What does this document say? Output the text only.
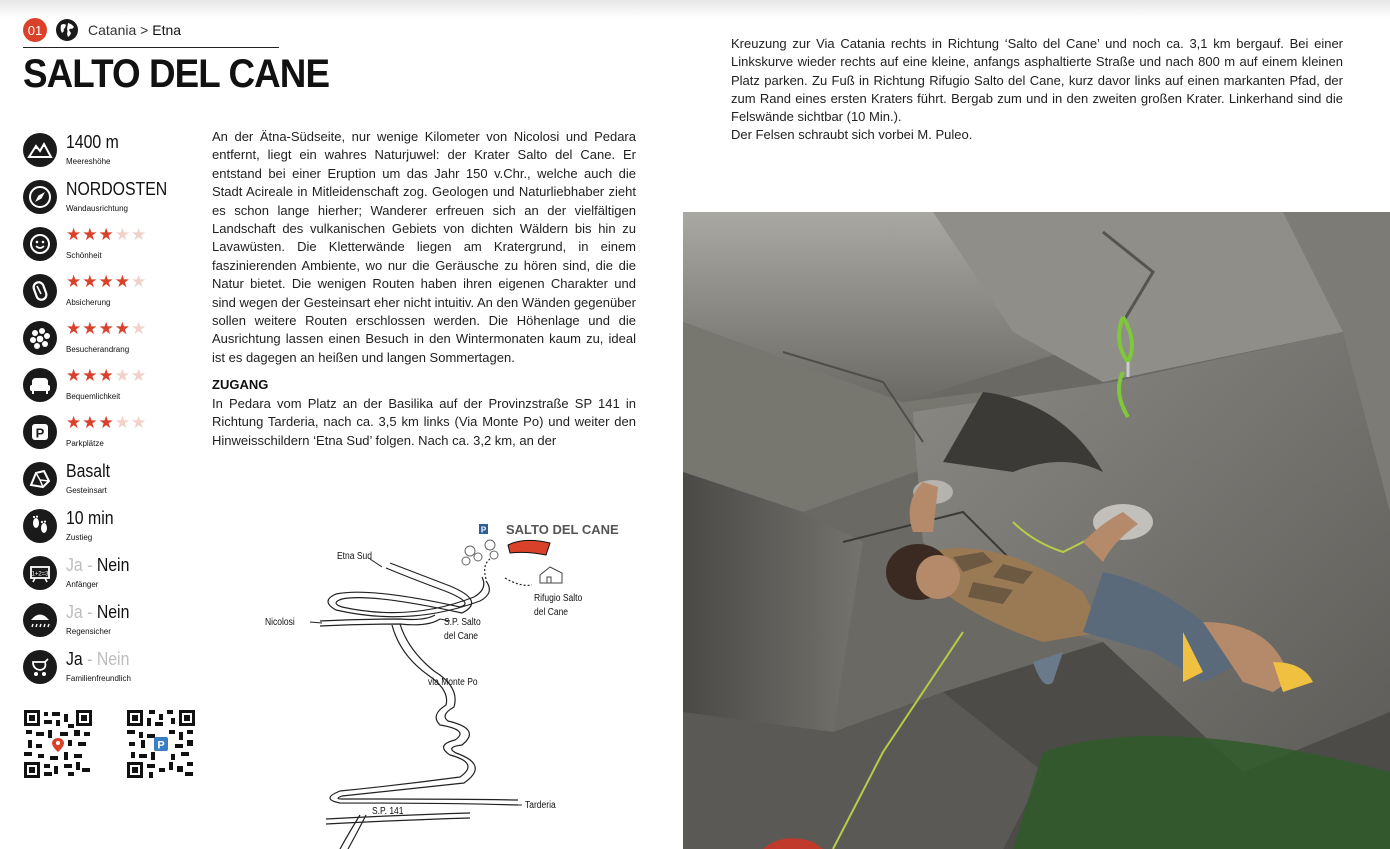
01	Catania > Etna
SALTO DEL CANE
1400 m
Meereshöhe
NORDOSTEN
Wandausrichtung
★★★★★
Schönheit
★★★★★
Absicherung
★★★★★
Besucherandrang
★★★★★
Bequemlichkeit
P ★★★★★
Parkplätze
Basalt
Gesteinsart
10 min
Zustieg
1+2=3 Ja - Nein
Anfänger
Ja - Nein
Regensicher
Ja - Nein
Familienfreundlich
P

An der Ätna-Südseite, nur wenige Kilometer von Nicolosi und Pedara entfernt, liegt ein wahres Naturjuwel: der Krater Salto del Cane. Er entstand bei einer Eruption um das Jahr 150 v.Chr., welche auch die Stadt Acireale in Mitleidenschaft zog. Geologen und Naturliebhaber zieht es schon lange hierher; Wanderer erfreuen sich an der vielfältigen Landschaft des vulkanischen Gebiets von dichten Wäldern bis hin zu Lavawüsten. Die Kletterwände liegen am Kratergrund, in einem faszinierenden Ambiente, wo nur die Geräusche zu hören sind, die die Natur bietet. Die wenigen Routen haben ihren eigenen Charakter und sind wegen der Gesteinsart eher nicht intuitiv. An den Wänden gegenüber sollen weitere Routen erschlossen werden. Die Höhenlage und die Ausrichtung lassen einen Besuch in den Wintermonaten kaum zu, ideal ist es dagegen an heißen und langen Sommertagen.

ZUGANG

In Pedara vom Platz an der Basilika auf der Provinzstraße SP 141 in Richtung Tarderia, nach ca. 3,5 km links (Via Monte Po) und weiter den Hinweisschildern ‘Etna Sud’ folgen. Nach ca. 3,2 km, an der

Kreuzung zur Via Catania rechts in Richtung ‘Salto del Cane’ und noch ca. 3,1 km bergauf. Bei einer Linkskurve wieder rechts auf eine kleine, anfangs asphaltierte Straße und nach 800 m auf einem kleinen Platz parken. Zu Fuß in Richtung Rifugio Salto del Cane, kurz davor links auf einen markanten Pfad, der zum Rand eines ersten Kraters führt. Bergab zum und in den zweiten großen Krater. Linkerhand sind die Felswände sichtbar (10 Min.).

Der Felsen schraubt sich vorbei M. Puleo.

P SALTO DEL CANE
Etna Sud
Nicolosi	S.P. Salto
del Cane
Rifugio Salto
del Cane
via Monte Po
Tarderia
S.P. 141
